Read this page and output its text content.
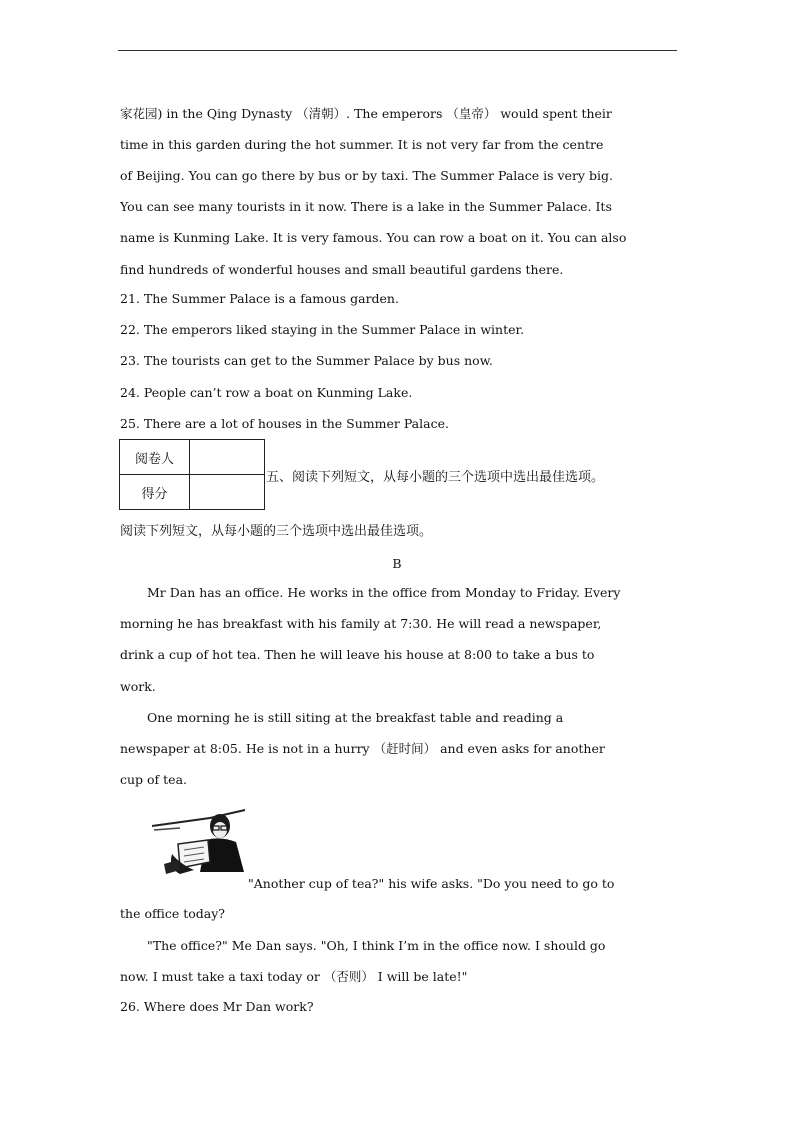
家花园) in the Qing Dynasty （清朝）. The emperors （皇帝） would spent their
time in this garden during the hot summer. It is not very far from the centre
of Beijing. You can go there by bus or by taxi. The Summer Palace is very big.
You can see many tourists in it now. There is a lake in the Summer Palace. Its
name is Kunming Lake. It is very famous. You can row a boat on it. You can also
find hundreds of wonderful houses and small beautiful gardens there.
21. The Summer Palace is a famous garden.
22. The emperors liked staying in the Summer Palace in winter.
23. The tourists can get to the Summer Palace by bus now.
24. People can’t row a boat on Kunming Lake.
25. There are a lot of houses in the Summer Palace.
阅卷人	
得分	
五、阅读下列短文，从每小题的三个选项中选出最佳选项。
阅读下列短文，从每小题的三个选项中选出最佳选项。
B
Mr Dan has an office. He works in the office from Monday to Friday. Every
morning he has breakfast with his family at 7:30. He will read a newspaper,
drink a cup of hot tea. Then he will leave his house at 8:00 to take a bus to
work.
One morning he is still siting at the breakfast table and reading a
newspaper at 8:05. He is not in a hurry （赶时间） and even asks for another
cup of tea.
"Another cup of tea?" his wife asks. "Do you need to go to
the office today?
"The office?" Me Dan says. "Oh, I think I’m in the office now. I should go
now. I must take a taxi today or （否则） I will be late!"
26. Where does Mr Dan work?
